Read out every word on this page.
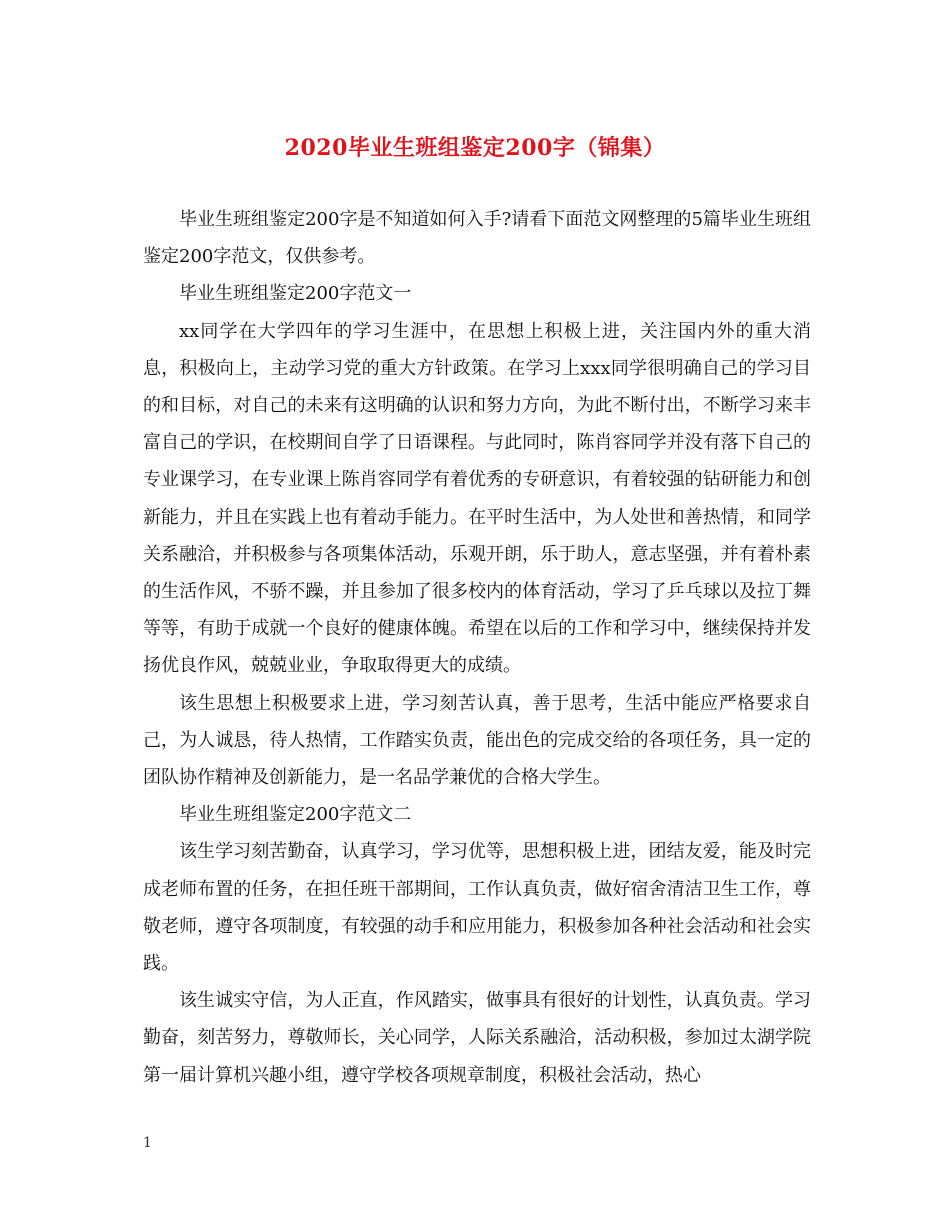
2020毕业生班组鉴定200字（锦集）

毕业生班组鉴定200字是不知道如何入手?请看下面范文网整理的5篇毕业生班组鉴定200字范文，仅供参考。

毕业生班组鉴定200字范文一

xx同学在大学四年的学习生涯中，在思想上积极上进，关注国内外的重大消息，积极向上，主动学习党的重大方针政策。在学习上xxx同学很明确自己的学习目的和目标，对自己的未来有这明确的认识和努力方向，为此不断付出，不断学习来丰富自己的学识，在校期间自学了日语课程。与此同时，陈肖容同学并没有落下自己的专业课学习，在专业课上陈肖容同学有着优秀的专研意识，有着较强的钻研能力和创新能力，并且在实践上也有着动手能力。在平时生活中，为人处世和善热情，和同学关系融洽，并积极参与各项集体活动，乐观开朗，乐于助人，意志坚强，并有着朴素的生活作风，不骄不躁，并且参加了很多校内的体育活动，学习了乒乓球以及拉丁舞等等，有助于成就一个良好的健康体魄。希望在以后的工作和学习中，继续保持并发扬优良作风，兢兢业业，争取取得更大的成绩。

该生思想上积极要求上进，学习刻苦认真，善于思考，生活中能应严格要求自己，为人诚恳，待人热情，工作踏实负责，能出色的完成交给的各项任务，具一定的团队协作精神及创新能力，是一名品学兼优的合格大学生。

毕业生班组鉴定200字范文二

该生学习刻苦勤奋，认真学习，学习优等，思想积极上进，团结友爱，能及时完成老师布置的任务，在担任班干部期间，工作认真负责，做好宿舍清洁卫生工作，尊敬老师，遵守各项制度，有较强的动手和应用能力，积极参加各种社会活动和社会实践。

该生诚实守信，为人正直，作风踏实，做事具有很好的计划性，认真负责。学习勤奋，刻苦努力，尊敬师长，关心同学，人际关系融洽，活动积极，参加过太湖学院第一届计算机兴趣小组，遵守学校各项规章制度，积极社会活动，热心

1
